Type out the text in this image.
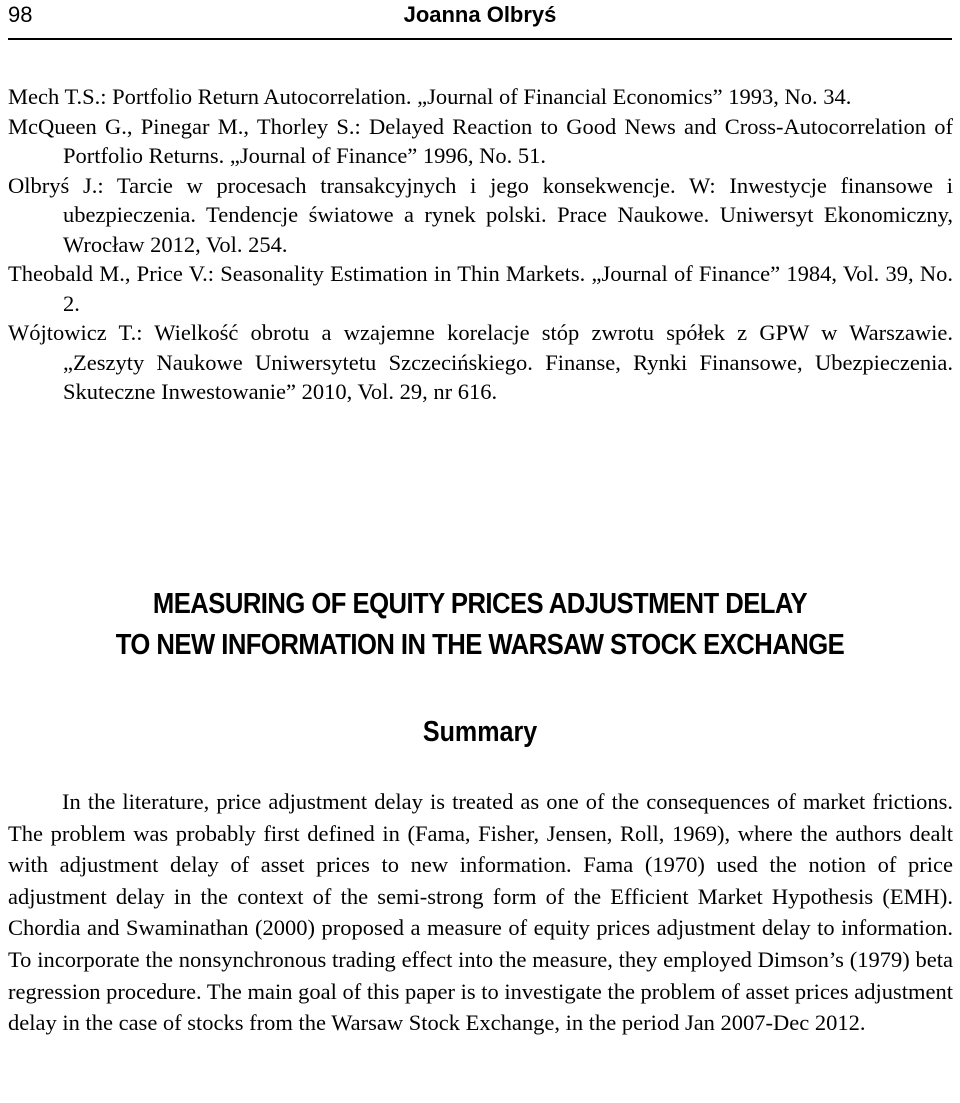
98	Joanna Olbryś
Mech T.S.: Portfolio Return Autocorrelation. „Journal of Financial Economics” 1993, No. 34.
McQueen G., Pinegar M., Thorley S.: Delayed Reaction to Good News and Cross-Autocorrelation of Portfolio Returns. „Journal of Finance” 1996, No. 51.
Olbryś J.: Tarcie w procesach transakcyjnych i jego konsekwencje. W: Inwestycje finansowe i ubezpieczenia. Tendencje światowe a rynek polski. Prace Naukowe. Uniwersyt Ekonomiczny, Wrocław 2012, Vol. 254.
Theobald M., Price V.: Seasonality Estimation in Thin Markets. „Journal of Finance” 1984, Vol. 39, No. 2.
Wójtowicz T.: Wielkość obrotu a wzajemne korelacje stóp zwrotu spółek z GPW w Warszawie. „Zeszyty Naukowe Uniwersytetu Szczecińskiego. Finanse, Rynki Finansowe, Ubezpieczenia. Skuteczne Inwestowanie” 2010, Vol. 29, nr 616.
MEASURING OF EQUITY PRICES ADJUSTMENT DELAY
TO NEW INFORMATION IN THE WARSAW STOCK EXCHANGE
Summary

In the literature, price adjustment delay is treated as one of the consequences of market frictions. The problem was probably first defined in (Fama, Fisher, Jensen, Roll, 1969), where the authors dealt with adjustment delay of asset prices to new information. Fama (1970) used the notion of price adjustment delay in the context of the semi-strong form of the Efficient Market Hypothesis (EMH). Chordia and Swaminathan (2000) proposed a measure of equity prices adjustment delay to information. To incorporate the nonsynchronous trading effect into the measure, they employed Dimson’s (1979) beta regression procedure. The main goal of this paper is to investigate the problem of asset prices adjustment delay in the case of stocks from the Warsaw Stock Exchange, in the period Jan 2007-Dec 2012.
